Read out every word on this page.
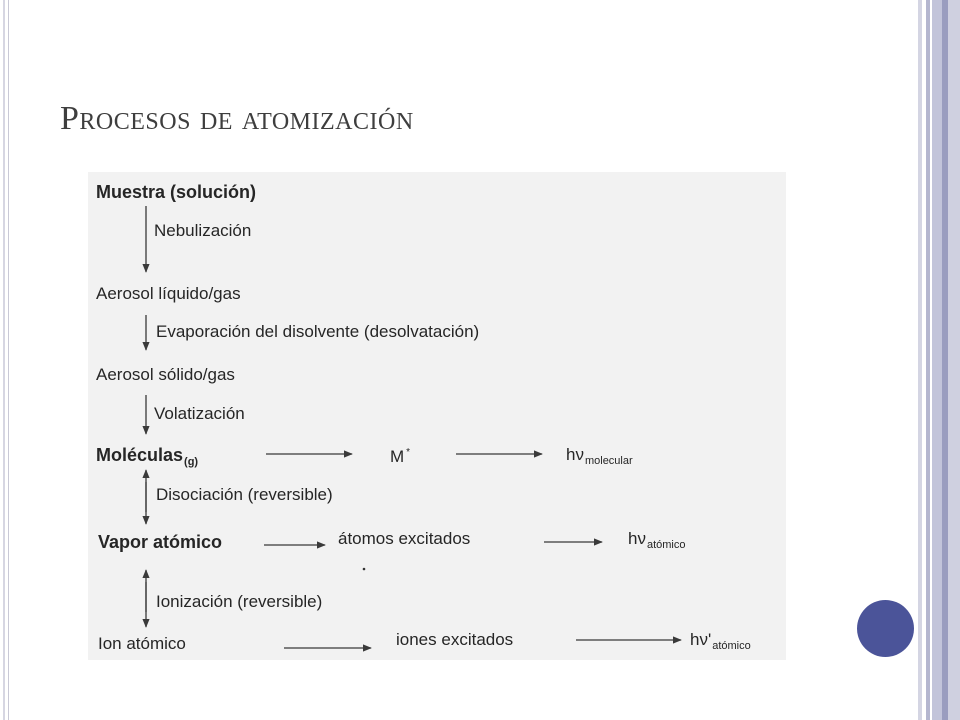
Procesos de atomización
Muestra (solución)
Nebulización
Aerosol líquido/gas
Evaporación del disolvente (desolvatación)
Aerosol sólido/gas
Volatización
Moléculas$_{(g)}$	M *	$h\nu_{molecular}$
Disociación (reversible)
Vapor atómico	átomos excitados	$h\nu_{atómico}$
Ionización (reversible)
Ion atómico	iones excitados	$h\nu'_{atómico}$
